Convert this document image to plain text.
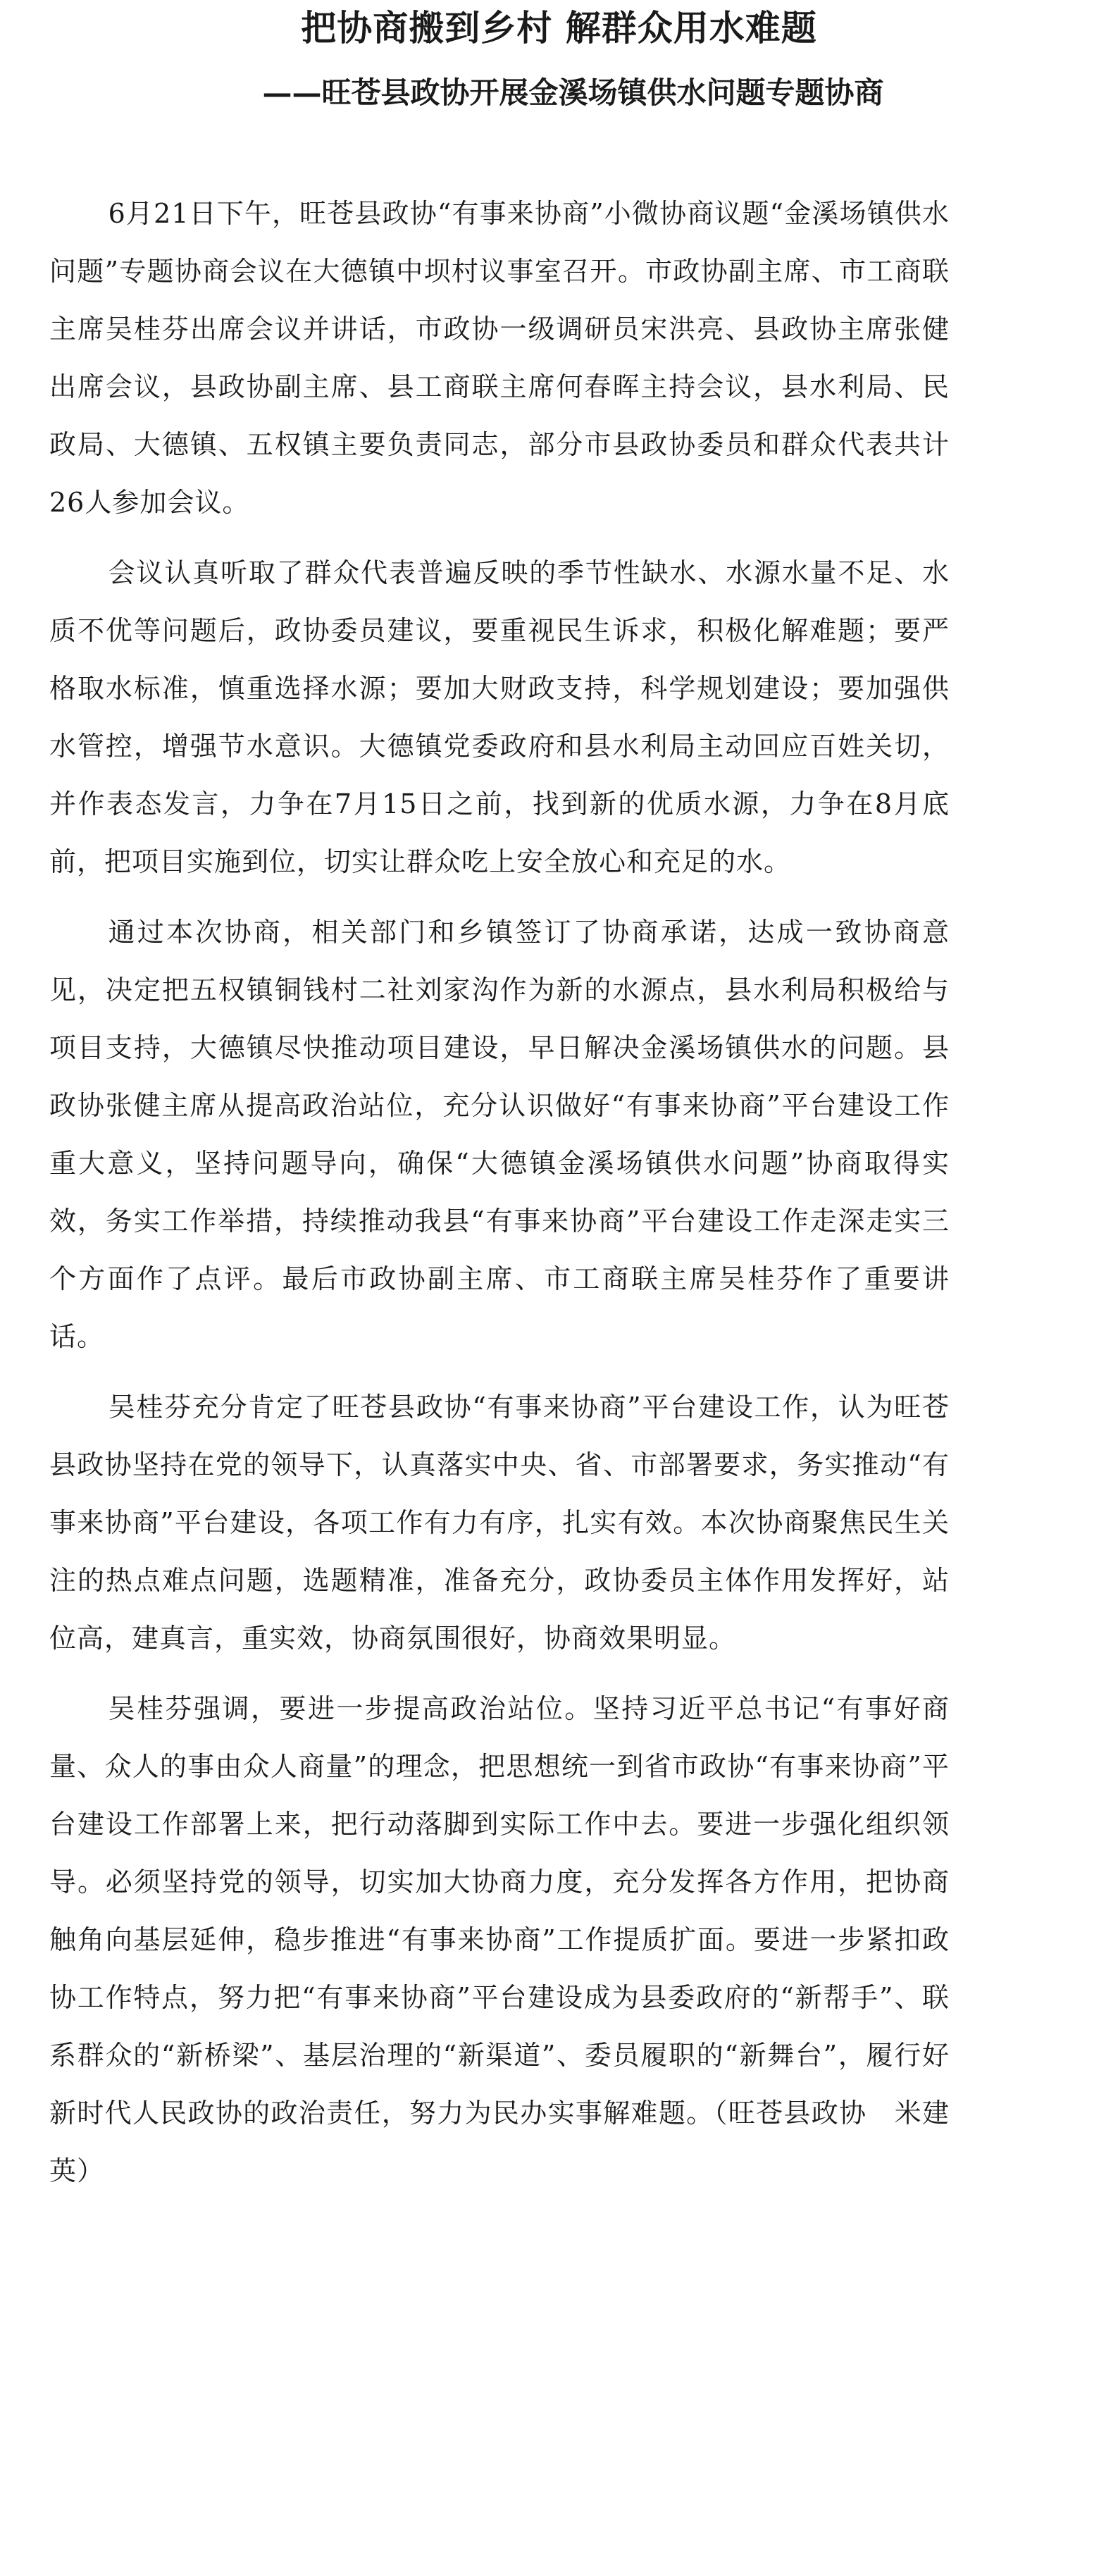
把协商搬到乡村 解群众用水难题
——旺苍县政协开展金溪场镇供水问题专题协商

6月21日下午，旺苍县政协“有事来协商”小微协商议题“金溪场镇供水问题”专题协商会议在大德镇中坝村议事室召开。市政协副主席、市工商联主席吴桂芬出席会议并讲话，市政协一级调研员宋洪亮、县政协主席张健出席会议，县政协副主席、县工商联主席何春晖主持会议，县水利局、民政局、大德镇、五权镇主要负责同志，部分市县政协委员和群众代表共计26人参加会议。

会议认真听取了群众代表普遍反映的季节性缺水、水源水量不足、水质不优等问题后，政协委员建议，要重视民生诉求，积极化解难题；要严格取水标准，慎重选择水源；要加大财政支持，科学规划建设；要加强供水管控，增强节水意识。大德镇党委政府和县水利局主动回应百姓关切，并作表态发言，力争在7月15日之前，找到新的优质水源，力争在8月底前，把项目实施到位，切实让群众吃上安全放心和充足的水。

通过本次协商，相关部门和乡镇签订了协商承诺，达成一致协商意见，决定把五权镇铜钱村二社刘家沟作为新的水源点，县水利局积极给与项目支持，大德镇尽快推动项目建设，早日解决金溪场镇供水的问题。县政协张健主席从提高政治站位，充分认识做好“有事来协商”平台建设工作重大意义，坚持问题导向，确保“大德镇金溪场镇供水问题”协商取得实效，务实工作举措，持续推动我县“有事来协商”平台建设工作走深走实三个方面作了点评。最后市政协副主席、市工商联主席吴桂芬作了重要讲话。

吴桂芬充分肯定了旺苍县政协“有事来协商”平台建设工作，认为旺苍县政协坚持在党的领导下，认真落实中央、省、市部署要求，务实推动“有事来协商”平台建设，各项工作有力有序，扎实有效。本次协商聚焦民生关注的热点难点问题，选题精准，准备充分，政协委员主体作用发挥好，站位高，建真言，重实效，协商氛围很好，协商效果明显。

吴桂芬强调，要进一步提高政治站位。坚持习近平总书记“有事好商量、众人的事由众人商量”的理念，把思想统一到省市政协“有事来协商”平台建设工作部署上来，把行动落脚到实际工作中去。要进一步强化组织领导。必须坚持党的领导，切实加大协商力度，充分发挥各方作用，把协商触角向基层延伸，稳步推进“有事来协商”工作提质扩面。要进一步紧扣政协工作特点，努力把“有事来协商”平台建设成为县委政府的“新帮手”、联系群众的“新桥梁”、基层治理的“新渠道”、委员履职的“新舞台”，履行好新时代人民政协的政治责任，努力为民办实事解难题。（旺苍县政协　米建英）
